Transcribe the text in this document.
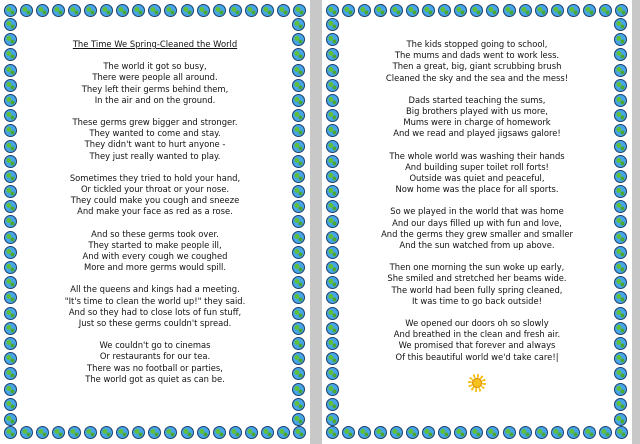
The Time We Spring-Cleaned the World
The world it got so busy,
There were people all around.
They left their germs behind them,
In the air and on the ground.
These germs grew bigger and stronger.
They wanted to come and stay.
They didn't want to hurt anyone -
They just really wanted to play.
Sometimes they tried to hold your hand,
Or tickled your throat or your nose.
They could make you cough and sneeze
And make your face as red as a rose.
And so these germs took over.
They started to make people ill,
And with every cough we coughed
More and more germs would spill.
All the queens and kings had a meeting.
"It's time to clean the world up!" they said.
And so they had to close lots of fun stuff,
Just so these germs couldn't spread.
We couldn't go to cinemas
Or restaurants for our tea.
There was no football or parties,
The world got as quiet as can be.
The kids stopped going to school,
The mums and dads went to work less.
Then a great, big, giant scrubbing brush
Cleaned the sky and the sea and the mess!
Dads started teaching the sums,
Big brothers played with us more,
Mums were in charge of homework
And we read and played jigsaws galore!
The whole world was washing their hands
And building super toilet roll forts!
Outside was quiet and peaceful,
Now home was the place for all sports.
So we played in the world that was home
And our days filled up with fun and love,
And the germs they grew smaller and smaller
And the sun watched from up above.
Then one morning the sun woke up early,
She smiled and stretched her beams wide.
The world had been fully spring cleaned,
It was time to go back outside!
We opened our doors oh so slowly
And breathed in the clean and fresh air.
We promised that forever and always
Of this beautiful world we'd take care!|
